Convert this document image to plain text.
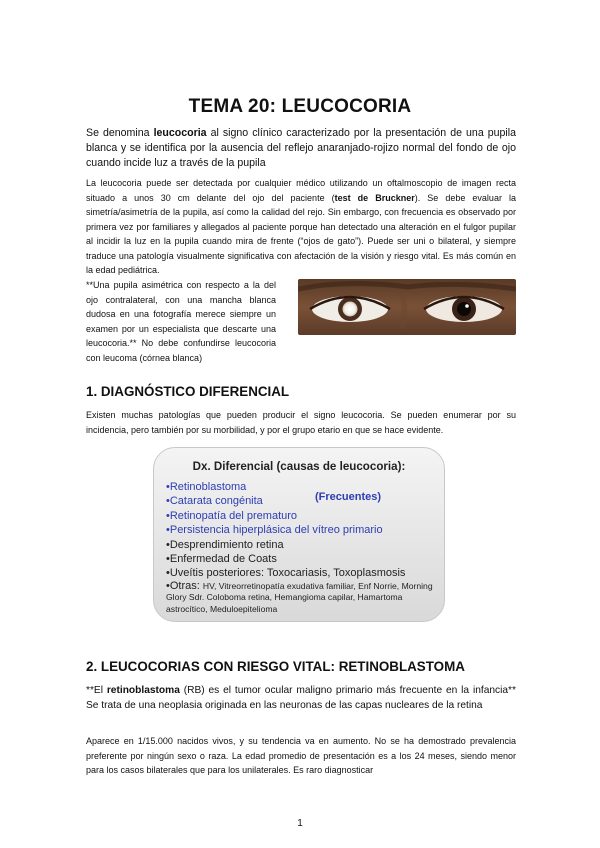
TEMA 20: LEUCOCORIA
Se denomina leucocoria al signo clínico caracterizado por la presentación de una pupila blanca y se identifica por la ausencia del reflejo anaranjado-rojizo normal del fondo de ojo cuando incide luz a través de la pupila
La leucocoria puede ser detectada por cualquier médico utilizando un oftalmoscopio de imagen recta situado a unos 30 cm delante del ojo del paciente (test de Bruckner). Se debe evaluar la simetría/asimetría de la pupila, así como la calidad del rejo. Sin embargo, con frecuencia es observado por primera vez por familiares y allegados al paciente porque han detectado una alteración en el fulgor pupilar al incidir la luz en la pupila cuando mira de frente (“ojos de gato”). Puede ser uni o bilateral, y siempre traduce una patología visualmente significativa con afectación de la visión y riesgo vital. Es más común en la edad pediátrica.
**Una pupila asimétrica con respecto a la del ojo contralateral, con una mancha blanca dudosa en una fotografía merece siempre un examen por un especialista que descarte una leucocoria.** No debe confundirse leucocoria con leucoma (córnea blanca)
1. DIAGNÓSTICO DIFERENCIAL
Existen muchas patologías que pueden producir el signo leucocoria. Se pueden enumerar por su incidencia, pero también por su morbilidad, y por el grupo etario en que se hace evidente.
Dx. Diferencial (causas de leucocoria):
(Frecuentes)
•Retinoblastoma
•Catarata congénita
•Retinopatía del prematuro
•Persistencia hiperplásica del vítreo primario
•Desprendimiento retina
•Enfermedad de Coats
•Uveítis posteriores: Toxocariasis, Toxoplasmosis
•Otras: HV, Vitreorretinopatía exudativa familiar, Enf Norrie, Morning Glory Sdr. Coloboma retina, Hemangioma capilar, Hamartoma astrocítico, Meduloepitelioma
2. LEUCOCORIAS CON RIESGO VITAL: RETINOBLASTOMA
**El retinoblastoma (RB) es el tumor ocular maligno primario más frecuente en la infancia** Se trata de una neoplasia originada en las neuronas de las capas nucleares de la retina
Aparece en 1/15.000 nacidos vivos, y su tendencia va en aumento. No se ha demostrado prevalencia preferente por ningún sexo o raza. La edad promedio de presentación es a los 24 meses, siendo menor para los casos bilaterales que para los unilaterales. Es raro diagnosticar
1
